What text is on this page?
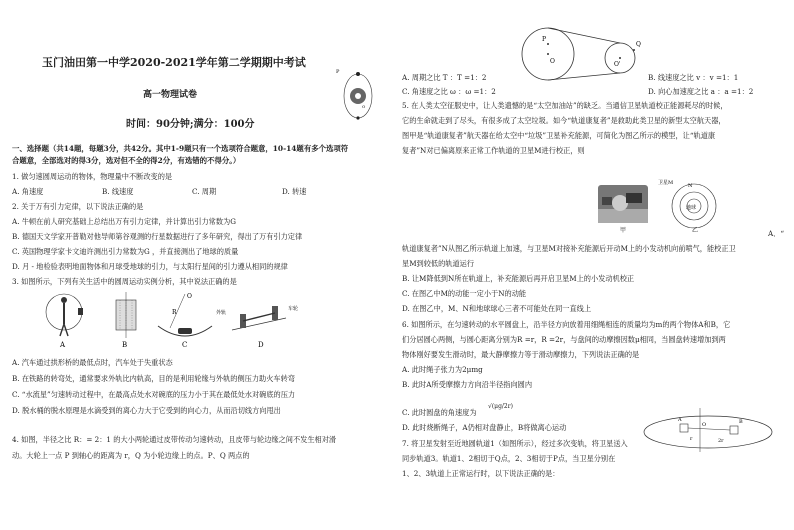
玉门油田第一中学2020-2021学年第二学期期中考试
高一物理试卷
时间：90分钟;满分：100分
P
O
一、选择题（共14题，每题3分，共42分。其中1-9题只有一个选项符合题意，10-14题有多个选项符
合题意，全部选对的得3分，选对但不全的得2分，有选错的不得分。）
1. 做匀速圆周运动的物体，物理量中不断改变的是
A. 角速度	B. 线速度	C. 周期	D. 转速
2. 关于万有引力定律，以下说法正确的是
A. 牛顿在前人研究基础上总结出万有引力定律，并计算出引力常数为G
B. 德国天文学家开普勒对他导师第谷观测的行星数据进行了多年研究，得出了万有引力定律
C. 英国物理学家卡文迪许测出引力常数为G ，并直接测出了地球的质量
D. 月 - 地检验表明地面物体和月球受地球的引力，与太阳行星间的引力遵从相同的规律
3. 如图所示，下列有关生活中的圆周运动实例分析，其中说法正确的是
O
R	外轨
车轮
A	B	C	D
A. 汽车通过拱形桥的最低点时，汽车处于失重状态
B. 在铁路的转弯处，通常要求外轨比内轨高，目的是利用轮缘与外轨的侧压力助火车转弯
C. “水流星”匀速转动过程中，在最高点处水对碗底的压力小于其在最低处水对碗底的压力
D. 脱水桶的脱水原理是水滴受到的离心力大于它受到的向心力，从而沿切线方向甩出
4. 如图，半径之比 R：= 2：1 的大小两轮通过皮带传动匀速转动，且皮带与轮边缘之间不发生相对滑
动。大轮上一点 P 到轴心的距离为 r，Q 为小轮边缘上的点。P、Q 两点的
P
O
Q
O'
A. 周期之比 T ：T =1：2	B. 线速度之比 v ：v =1：1
C. 角速度之比 ω ：ω =1：2	D. 向心加速度之比 a ：a =1：2
5. 在人类太空征服史中，让人类遗憾的是“太空加油站”的缺乏。当通信卫星轨道校正能源耗尽的时候，
它的生命就走到了尽头，有很多成了太空垃圾。如今“轨道康复者”是救助此类卫星的新型太空航天器，
图甲是“轨道康复者”航天器在给太空中“垃圾”卫星补充能源，可简化为图乙所示的模型，让“轨道康
复者”N对已偏离原来正常工作轨道的卫星M进行校正，则
地球
卫星M	N
甲	乙	A．“
轨道康复者”N从图乙所示轨道上加速，与卫星M对接补充能源后开动M上的小发动机向前喷气，能校正卫
星M到较低的轨道运行
B. 让M降低到N所在轨道上，补充能源后再开启卫星M上的小发动机校正
C. 在图乙中M的动能一定小于N的动能
D. 在图乙中，M、N和地球球心三者不可能处在同一直线上
6. 如图所示，在匀速转动的水平圆盘上，沿半径方向放着用细绳相连的质量均为m的两个物体A和B，它
们分居圆心两侧，与圆心距离分别为R =r，R =2r，与盘间的动摩擦因数μ相同，当圆盘转速增加到两
物体刚好要发生滑动时，最大静摩擦力等于滑动摩擦力，下列说法正确的是
A. 此时绳子张力为2μmg
B. 此时A所受摩擦力方向沿半径指向圆内
C. 此时圆盘的角速度为
√(μg/2r)
D. 此时烧断绳子，A仍相对盘静止，B将做离心运动
A	B
O
r	2r
7. 将卫星发射至近地圆轨道1（如图所示），经过多次变轨，将卫星送入
同步轨道3。轨道1、2相切于Q点，2、3相切于P点，当卫星分别在
1、2、3轨道上正常运行时，以下说法正确的是：
